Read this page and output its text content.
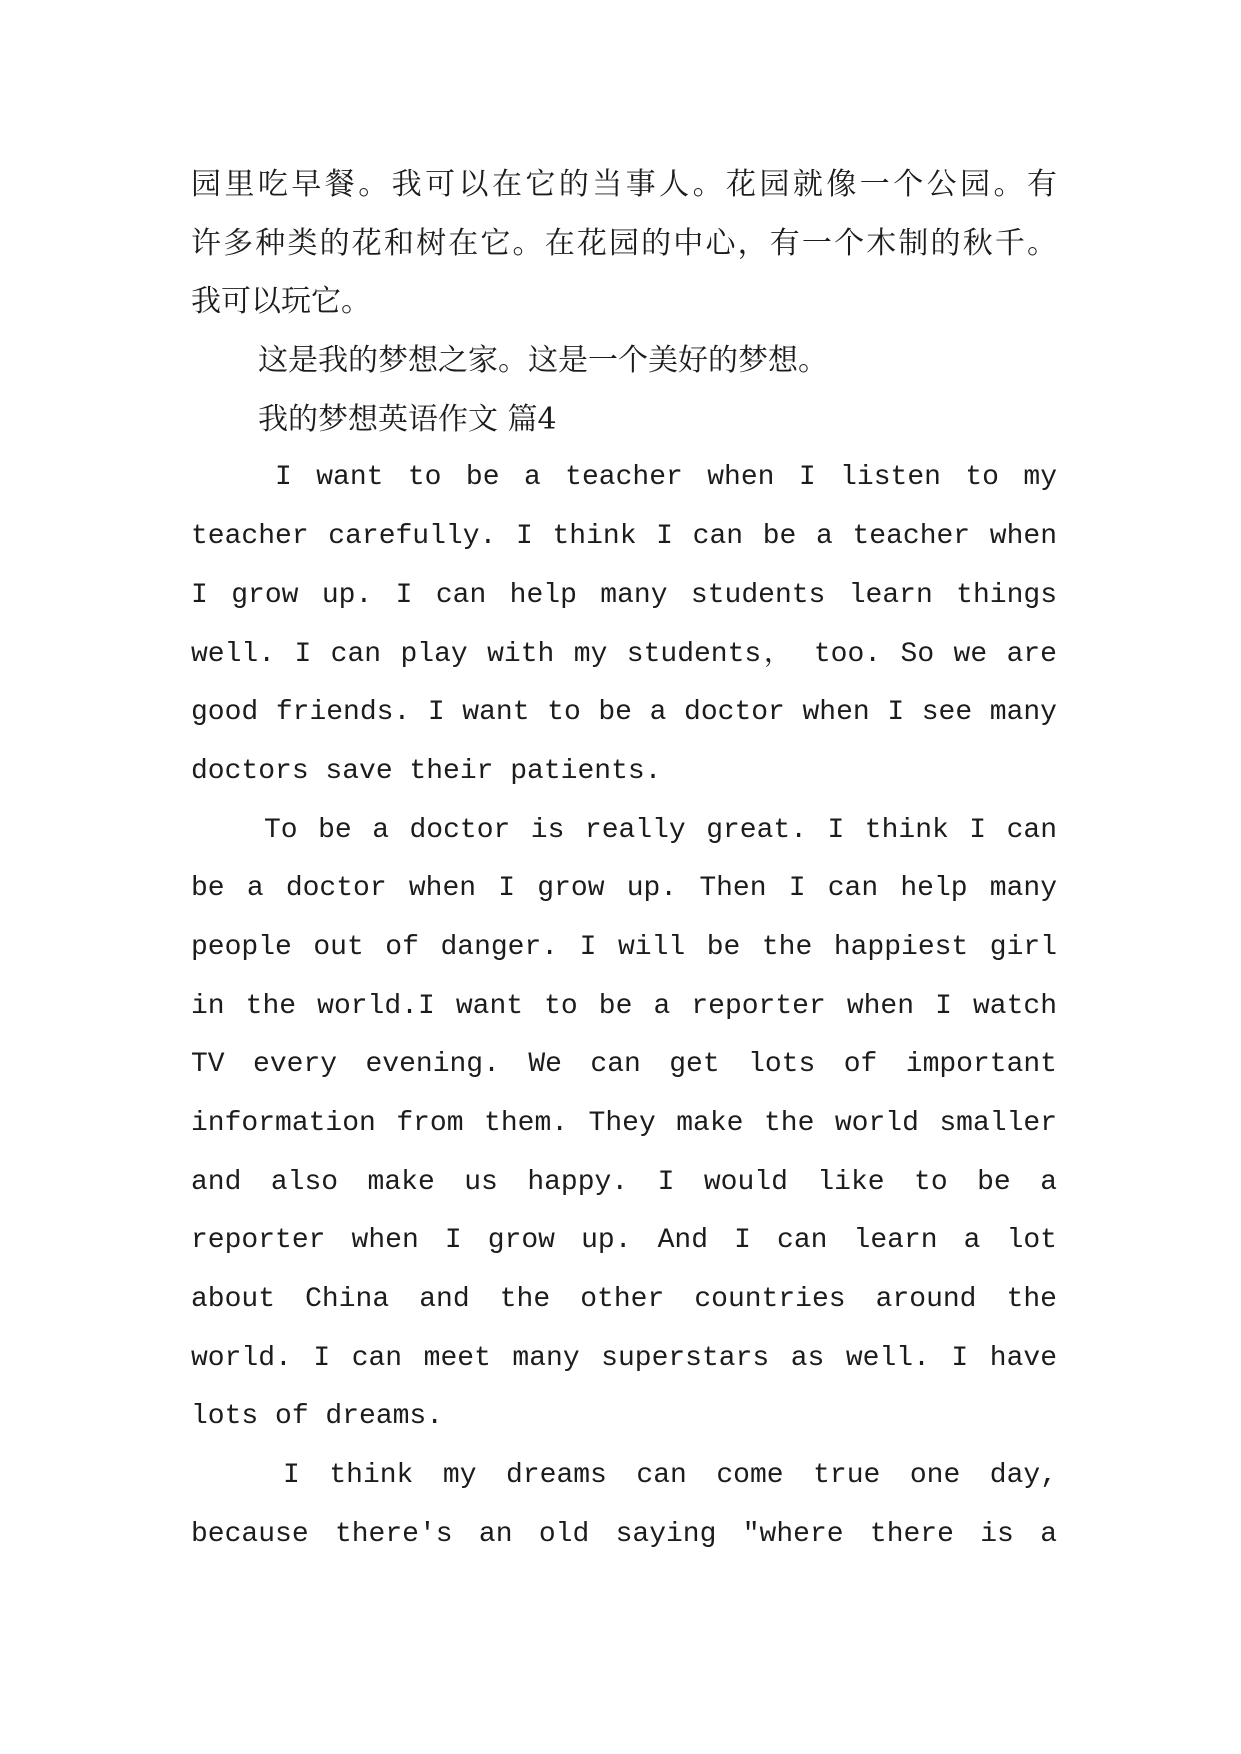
园里吃早餐。我可以在它的当事人。花园就像一个公园。有
许多种类的花和树在它。在花园的中心，有一个木制的秋千。
我可以玩它。
这是我的梦想之家。这是一个美好的梦想。
我的梦想英语作文 篇4
I want to be a teacher when I listen to my
teacher carefully. I think I can be a teacher when
I grow up. I can help many students learn things
well. I can play with my students， too. So we are
good friends. I want to be a doctor when I see many
doctors save their patients.
To be a doctor is really great. I think I can
be a doctor when I grow up. Then I can help many
people out of danger. I will be the happiest girl
in the world.I want to be a reporter when I watch
TV every evening. We can get lots of important
information from them. They make the world smaller
and also make us happy. I would like to be a
reporter when I grow up. And I can learn a lot
about China and the other countries around the
world. I can meet many superstars as well. I have
lots of dreams.
I think my dreams can come true one day,
because there's an old saying "where there is a
